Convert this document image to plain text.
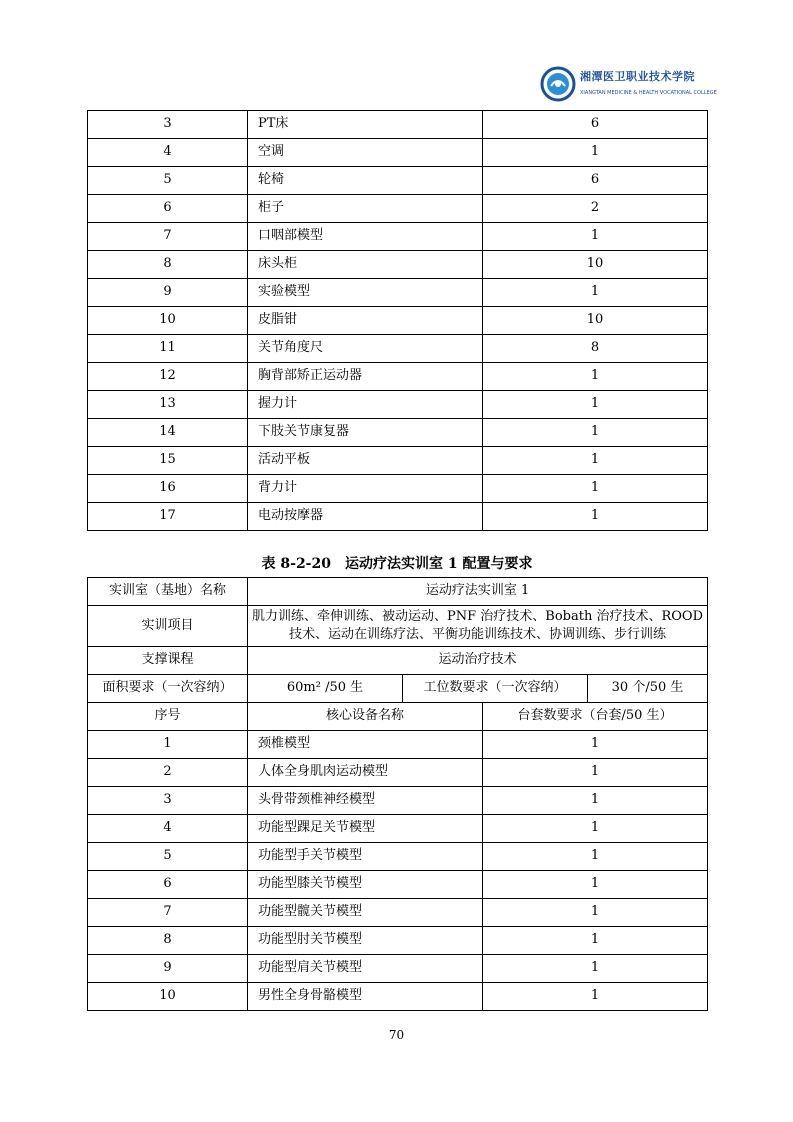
湘潭医卫职业技术学院
XIANGTAN MEDICINE & HEALTH VOCATIONAL COLLEGE
3	PT床	6
4	空调	1
5	轮椅	6
6	柜子	2
7	口咽部模型	1
8	床头柜	10
9	实验模型	1
10	皮脂钳	10
11	关节角度尺	8
12	胸背部矫正运动器	1
13	握力计	1
14	下肢关节康复器	1
15	活动平板	1
16	背力计	1
17	电动按摩器	1
表 8-2-20　运动疗法实训室 1 配置与要求
实训室（基地）名称	运动疗法实训室 1			
实训项目	肌力训练、牵伸训练、被动运动、PNF 治疗技术、Bobath 治疗技术、ROOD 技术、运动在训练疗法、平衡功能训练技术、协调训练、步行训练			
支撑课程	运动治疗技术			
面积要求（一次容纳）	60m² /50 生	工位数要求（一次容纳）		30 个/50 生
序号	核心设备名称		台套数要求（台套/50 生）	
1	颈椎模型		1	
2	人体全身肌肉运动模型		1	
3	头骨带颈椎神经模型		1	
4	功能型踝足关节模型		1	
5	功能型手关节模型		1	
6	功能型膝关节模型		1	
7	功能型髋关节模型		1	
8	功能型肘关节模型		1	
9	功能型肩关节模型		1	
10	男性全身骨骼模型		1	
70
